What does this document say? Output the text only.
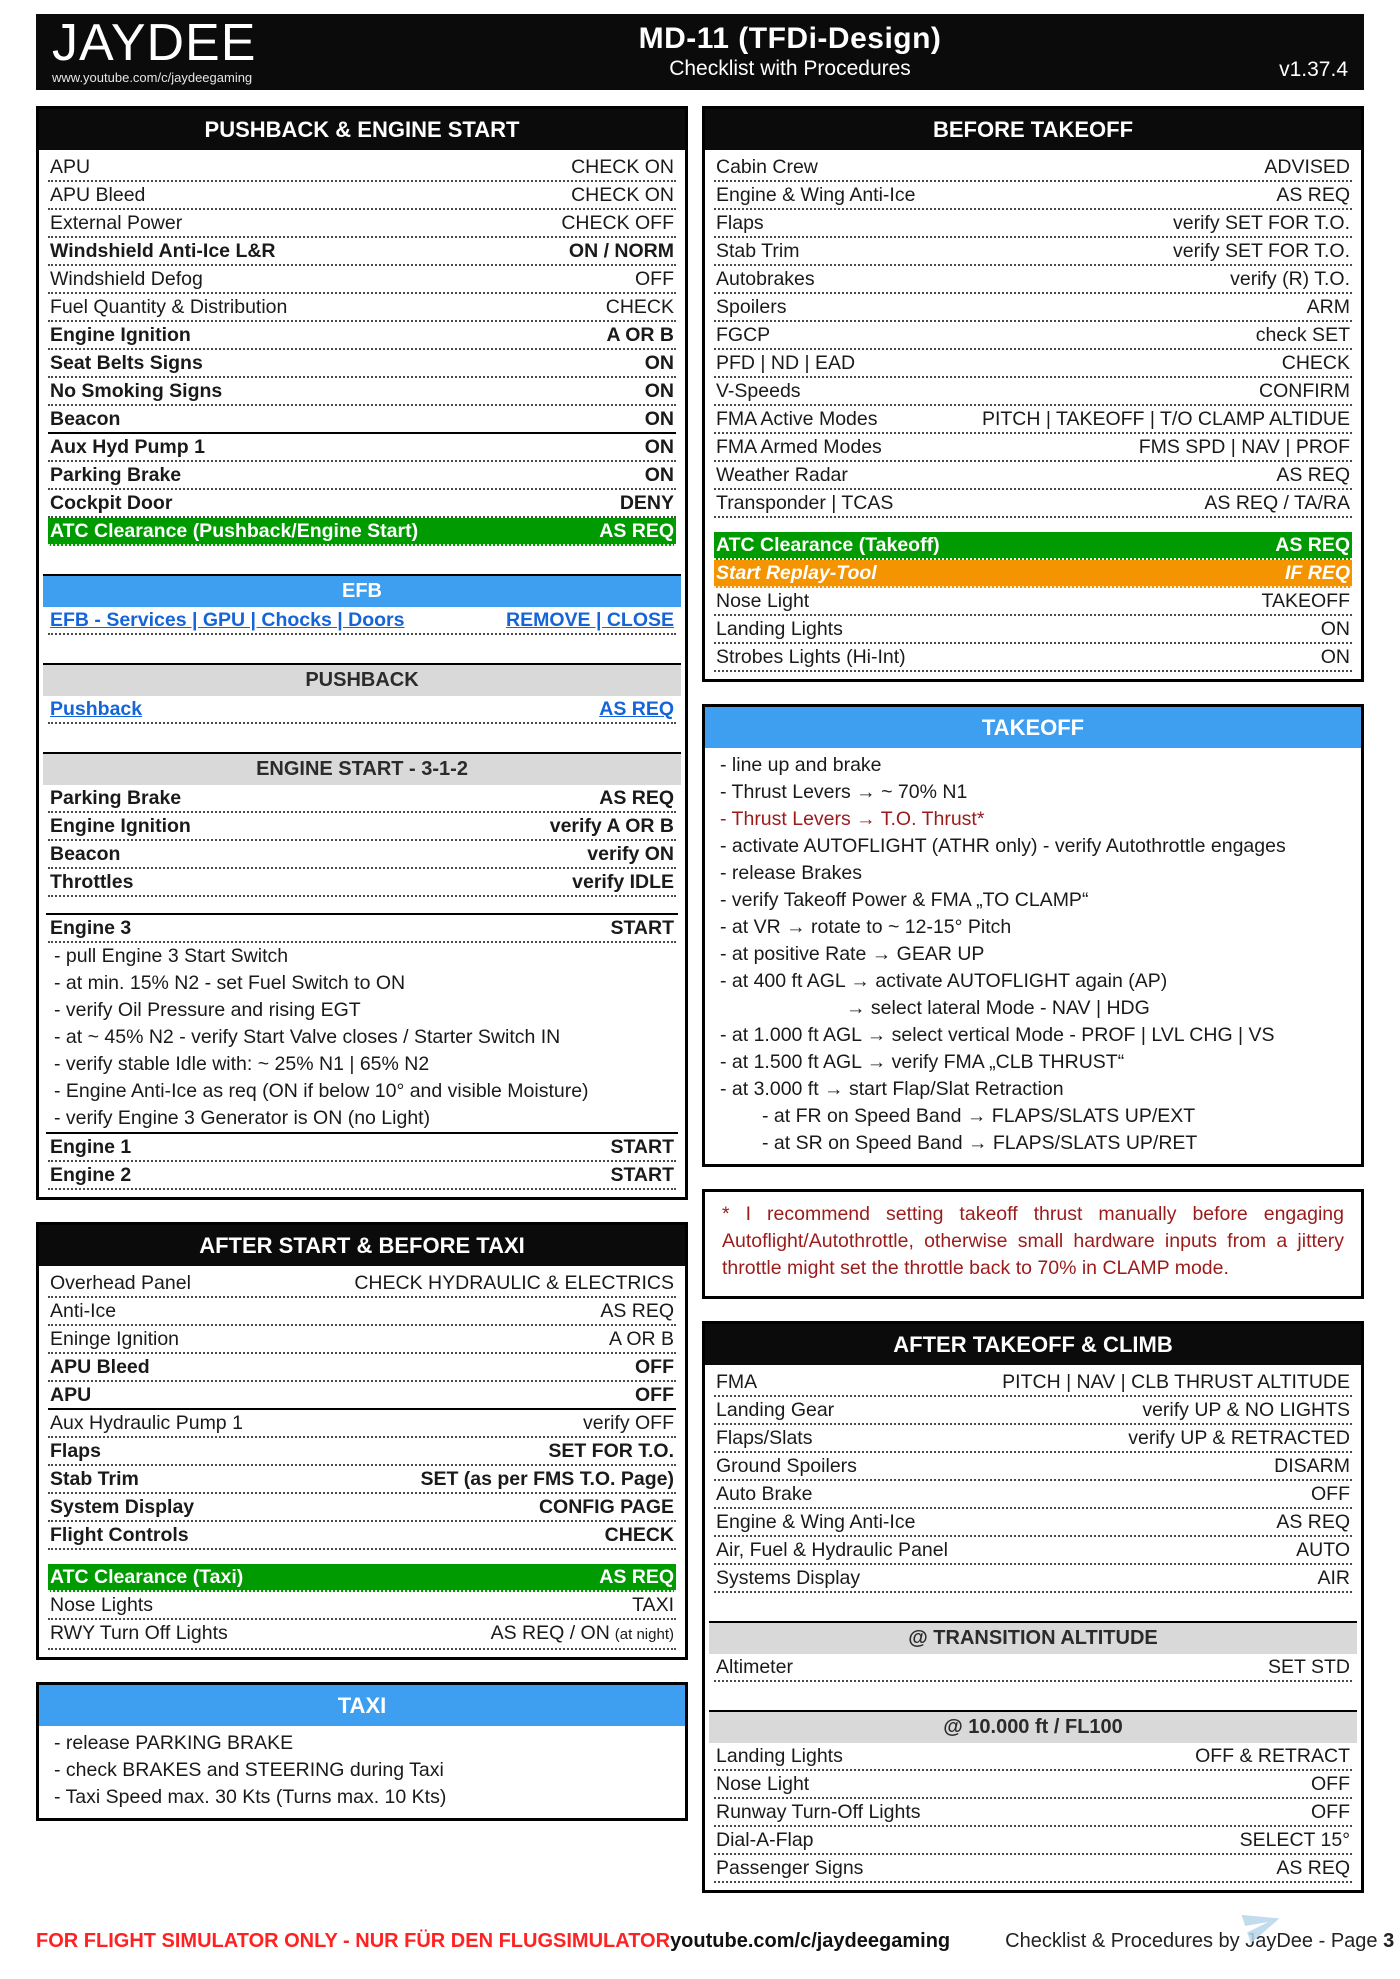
JAYDEE
www.youtube.com/c/jaydeegaming
MD-11 (TFDi-Design)
Checklist with Procedures	v1.37.4
PUSHBACK & ENGINE START
APU	CHECK ON
APU Bleed	CHECK ON
External Power	CHECK OFF
Windshield Anti-Ice L&R	ON / NORM
Windshield Defog	OFF
Fuel Quantity & Distribution	CHECK
Engine Ignition	A OR B
Seat Belts Signs	ON
No Smoking Signs	ON
Beacon	ON
Aux Hyd Pump 1	ON
Parking Brake	ON
Cockpit Door	DENY
ATC Clearance (Pushback/Engine Start)	AS REQ
EFB
EFB - Services | GPU | Chocks | Doors	REMOVE | CLOSE
PUSHBACK
Pushback	AS REQ
ENGINE START - 3-1-2
Parking Brake	AS REQ
Engine Ignition	verify A OR B
Beacon	verify ON
Throttles	verify IDLE
Engine 3	START
- pull Engine 3 Start Switch
- at min. 15% N2 - set Fuel Switch to ON
- verify Oil Pressure and rising EGT
- at ~ 45% N2 - verify Start Valve closes / Starter Switch IN
- verify stable Idle with: ~ 25% N1 | 65% N2
- Engine Anti-Ice as req (ON if below 10° and visible Moisture)
- verify Engine 3 Generator is ON (no Light)
Engine 1	START
Engine 2	START
AFTER START & BEFORE TAXI
Overhead Panel	CHECK HYDRAULIC & ELECTRICS
Anti-Ice	AS REQ
Eninge Ignition	A OR B
APU Bleed	OFF
APU	OFF
Aux Hydraulic Pump 1	verify OFF
Flaps	SET FOR T.O.
Stab Trim	SET (as per FMS T.O. Page)
System Display	CONFIG PAGE
Flight Controls	CHECK
ATC Clearance (Taxi)	AS REQ
Nose Lights	TAXI
RWY Turn Off Lights	AS REQ / ON (at night)
TAXI
- release PARKING BRAKE
- check BRAKES and STEERING during Taxi
- Taxi Speed max. 30 Kts (Turns max. 10 Kts)
BEFORE TAKEOFF
Cabin Crew	ADVISED
Engine & Wing Anti-Ice	AS REQ
Flaps	verify SET FOR T.O.
Stab Trim	verify SET FOR T.O.
Autobrakes	verify (R) T.O.
Spoilers	ARM
FGCP	check SET
PFD | ND | EAD	CHECK
V-Speeds	CONFIRM
FMA Active Modes	PITCH | TAKEOFF | T/O CLAMP ALTIDUE
FMA Armed Modes	FMS SPD | NAV | PROF
Weather Radar	AS REQ
Transponder | TCAS	AS REQ / TA/RA
ATC Clearance (Takeoff)	AS REQ
Start Replay-Tool	IF REQ
Nose Light	TAKEOFF
Landing Lights	ON
Strobes Lights (Hi-Int)	ON
TAKEOFF
- line up and brake
- Thrust Levers → ~ 70% N1
- Thrust Levers → T.O. Thrust*
- activate AUTOFLIGHT (ATHR only) - verify Autothrottle engages
- release Brakes
- verify Takeoff Power & FMA „TO CLAMP“
- at VR → rotate to ~ 12-15° Pitch
- at positive Rate → GEAR UP
- at 400 ft AGL → activate AUTOFLIGHT again (AP)
→ select lateral Mode - NAV | HDG
- at 1.000 ft AGL → select vertical Mode - PROF | LVL CHG | VS
- at 1.500 ft AGL → verify FMA „CLB THRUST“
- at 3.000 ft → start Flap/Slat Retraction
- at FR on Speed Band → FLAPS/SLATS UP/EXT
- at SR on Speed Band → FLAPS/SLATS UP/RET
* I recommend setting takeoff thrust manually before engaging Autoflight/Autothrottle, otherwise small hardware inputs from a jittery throttle might set the throttle back to 70% in CLAMP mode.
AFTER TAKEOFF & CLIMB
FMA	PITCH | NAV | CLB THRUST ALTITUDE
Landing Gear	verify UP & NO LIGHTS
Flaps/Slats	verify UP & RETRACTED
Ground Spoilers	DISARM
Auto Brake	OFF
Engine & Wing Anti-Ice	AS REQ
Air, Fuel & Hydraulic Panel	AUTO
Systems Display	AIR
@ TRANSITION ALTITUDE
Altimeter	SET STD
@ 10.000 ft / FL100
Landing Lights	OFF & RETRACT
Nose Light	OFF
Runway Turn-Off Lights	OFF
Dial-A-Flap	SELECT 15°
Passenger Signs	AS REQ
FOR FLIGHT SIMULATOR ONLY - NUR FÜR DEN FLUGSIMULATOR youtube.com/c/jaydeegaming	Checklist & Procedures by JayDee - Page 3
